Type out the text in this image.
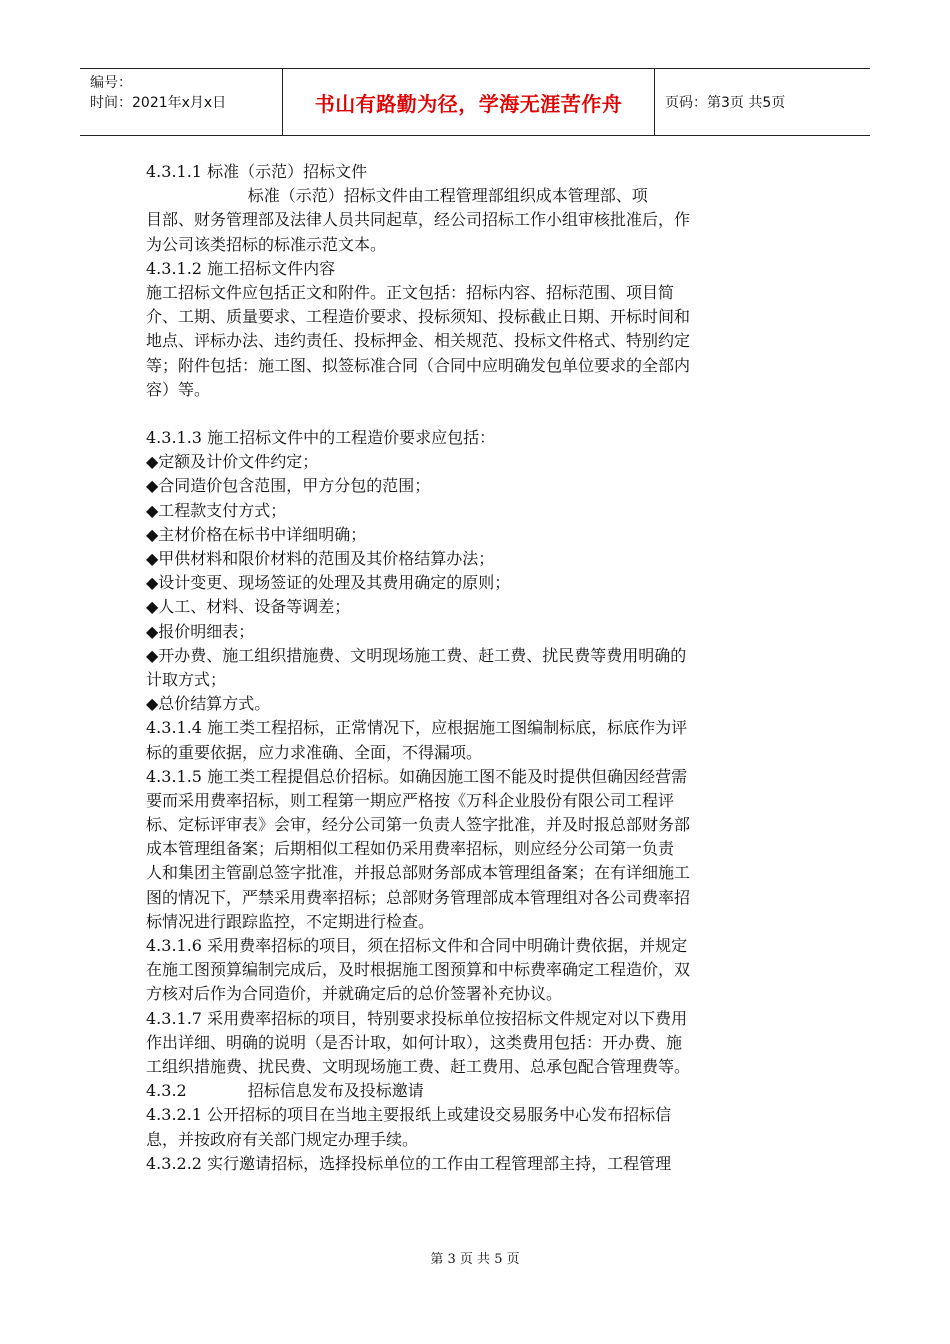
编号：
时间：2021年x月x日	书山有路勤为径，学海无涯苦作舟	页码：第3页 共5页
4.3.1.1 标准（示范）招标文件
标准（示范）招标文件由工程管理部组织成本管理部、项
目部、财务管理部及法律人员共同起草，经公司招标工作小组审核批准后，作
为公司该类招标的标准示范文本。
4.3.1.2 施工招标文件内容
施工招标文件应包括正文和附件。正文包括：招标内容、招标范围、项目简
介、工期、质量要求、工程造价要求、投标须知、投标截止日期、开标时间和
地点、评标办法、违约责任、投标押金、相关规范、投标文件格式、特别约定
等；附件包括：施工图、拟签标准合同（合同中应明确发包单位要求的全部内
容）等。
4.3.1.3 施工招标文件中的工程造价要求应包括：
◆定额及计价文件约定；
◆合同造价包含范围，甲方分包的范围；
◆工程款支付方式；
◆主材价格在标书中详细明确；
◆甲供材料和限价材料的范围及其价格结算办法；
◆设计变更、现场签证的处理及其费用确定的原则；
◆人工、材料、设备等调差；
◆报价明细表；
◆开办费、施工组织措施费、文明现场施工费、赶工费、扰民费等费用明确的
计取方式；
◆总价结算方式。
4.3.1.4 施工类工程招标，正常情况下，应根据施工图编制标底，标底作为评
标的重要依据，应力求准确、全面，不得漏项。
4.3.1.5 施工类工程提倡总价招标。如确因施工图不能及时提供但确因经营需
要而采用费率招标，则工程第一期应严格按《万科企业股份有限公司工程评
标、定标评审表》会审，经分公司第一负责人签字批准，并及时报总部财务部
成本管理组备案；后期相似工程如仍采用费率招标，则应经分公司第一负责
人和集团主管副总签字批准，并报总部财务部成本管理组备案；在有详细施工
图的情况下，严禁采用费率招标；总部财务管理部成本管理组对各公司费率招
标情况进行跟踪监控，不定期进行检查。
4.3.1.6 采用费率招标的项目，须在招标文件和合同中明确计费依据，并规定
在施工图预算编制完成后，及时根据施工图预算和中标费率确定工程造价，双
方核对后作为合同造价，并就确定后的总价签署补充协议。
4.3.1.7 采用费率招标的项目，特别要求投标单位按招标文件规定对以下费用
作出详细、明确的说明（是否计取，如何计取），这类费用包括：开办费、施
工组织措施费、扰民费、文明现场施工费、赶工费用、总承包配合管理费等。
4.3.2            招标信息发布及投标邀请
4.3.2.1 公开招标的项目在当地主要报纸上或建设交易服务中心发布招标信
息，并按政府有关部门规定办理手续。
4.3.2.2 实行邀请招标，选择投标单位的工作由工程管理部主持，工程管理
第 3 页 共 5 页
